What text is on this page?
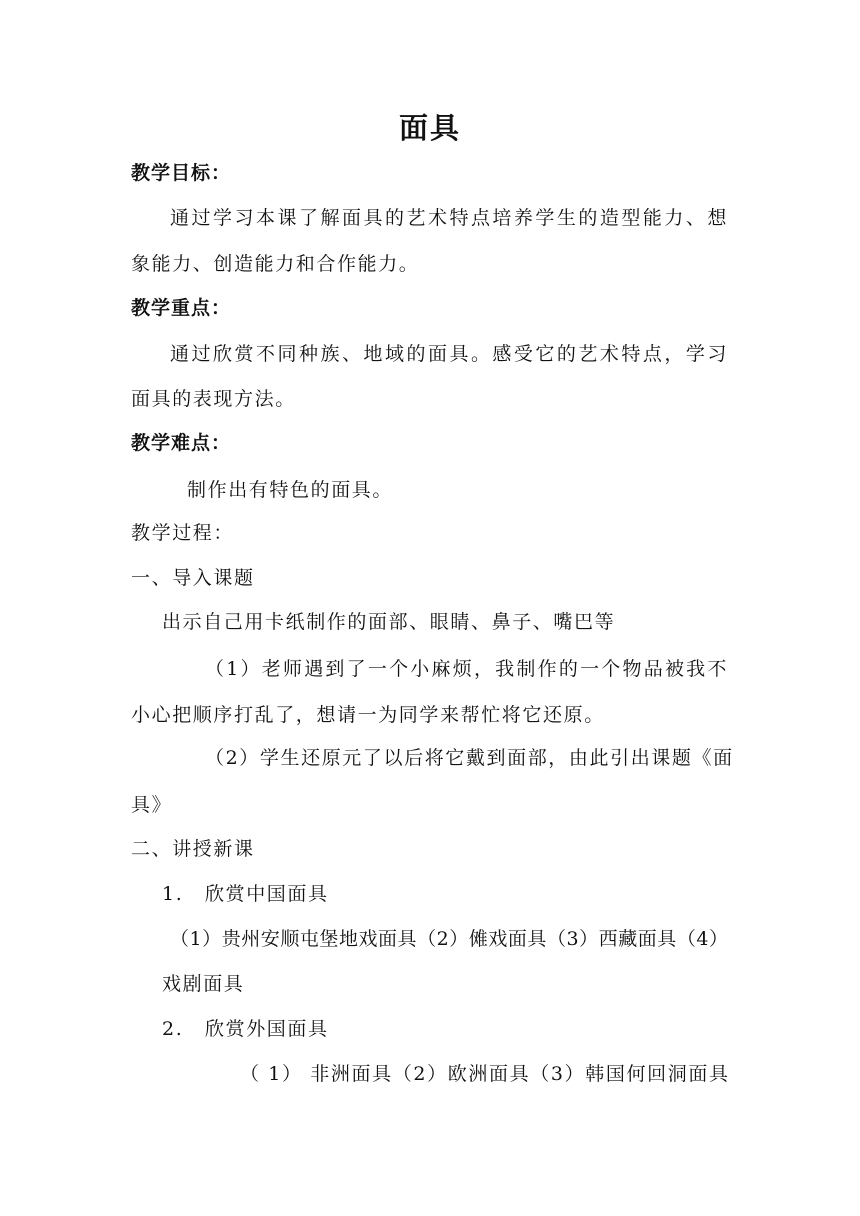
面具
教学目标：
通过学习本课了解面具的艺术特点培养学生的造型能力、想
象能力、创造能力和合作能力。
教学重点：
通过欣赏不同种族、地域的面具。感受它的艺术特点，学习
面具的表现方法。
教学难点：
制作出有特色的面具。
教学过程：
一、导入课题
出示自己用卡纸制作的面部、眼睛、鼻子、嘴巴等
（1）老师遇到了一个小麻烦，我制作的一个物品被我不
小心把顺序打乱了，想请一为同学来帮忙将它还原。
（2）学生还原元了以后将它戴到面部，由此引出课题《面
具》
二、讲授新课
1. 欣赏中国面具
（1）贵州安顺屯堡地戏面具（2）傩戏面具（3）西藏面具（4）
戏剧面具
2. 欣赏外国面具
（ 1） 非洲面具（2）欧洲面具（3）韩国何回洞面具
